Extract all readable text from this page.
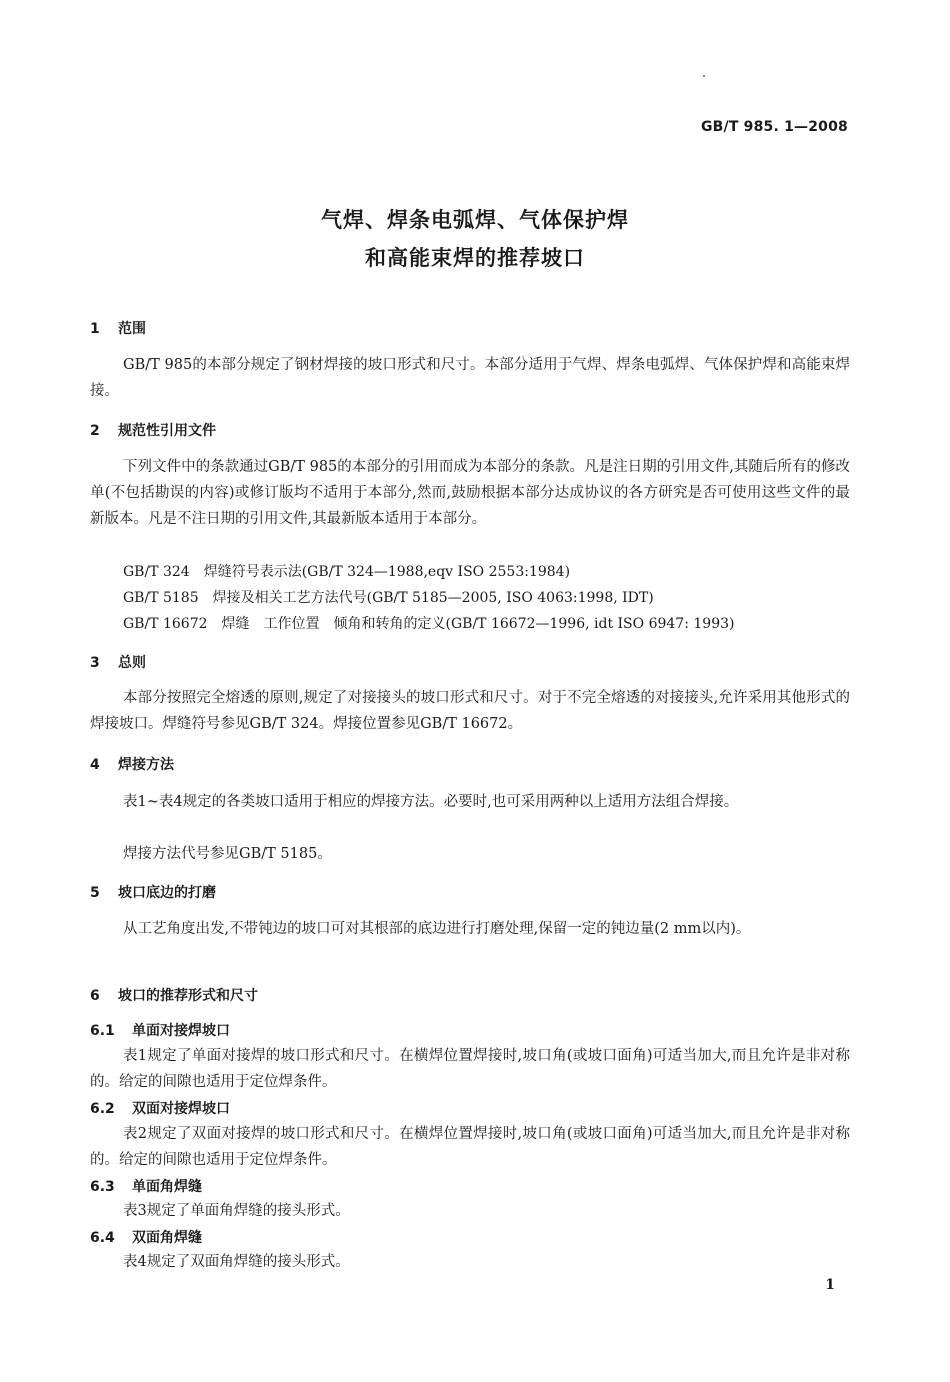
GB/T 985. 1—2008
气焊、焊条电弧焊、气体保护焊
和高能束焊的推荐坡口
1 范围
GB/T 985的本部分规定了钢材焊接的坡口形式和尺寸。本部分适用于气焊、焊条电弧焊、气体保护焊和高能束焊接。
2 规范性引用文件
下列文件中的条款通过GB/T 985的本部分的引用而成为本部分的条款。凡是注日期的引用文件,其随后所有的修改单(不包括勘误的内容)或修订版均不适用于本部分,然而,鼓励根据本部分达成协议的各方研究是否可使用这些文件的最新版本。凡是不注日期的引用文件,其最新版本适用于本部分。
GB/T 324　焊缝符号表示法(GB/T 324—1988,eqv ISO 2553:1984)
GB/T 5185　焊接及相关工艺方法代号(GB/T 5185—2005, ISO 4063:1998, IDT)
GB/T 16672　焊缝　工作位置　倾角和转角的定义(GB/T 16672—1996, idt ISO 6947: 1993)
3 总则
本部分按照完全熔透的原则,规定了对接接头的坡口形式和尺寸。对于不完全熔透的对接接头,允许采用其他形式的焊接坡口。焊缝符号参见GB/T 324。焊接位置参见GB/T 16672。
4 焊接方法
表1~表4规定的各类坡口适用于相应的焊接方法。必要时,也可采用两种以上适用方法组合焊接。
焊接方法代号参见GB/T 5185。
5 坡口底边的打磨
从工艺角度出发,不带钝边的坡口可对其根部的底边进行打磨处理,保留一定的钝边量(2 mm以内)。
6 坡口的推荐形式和尺寸
6.1 单面对接焊坡口
表1规定了单面对接焊的坡口形式和尺寸。在横焊位置焊接时,坡口角(或坡口面角)可适当加大,而且允许是非对称的。给定的间隙也适用于定位焊条件。
6.2 双面对接焊坡口
表2规定了双面对接焊的坡口形式和尺寸。在横焊位置焊接时,坡口角(或坡口面角)可适当加大,而且允许是非对称的。给定的间隙也适用于定位焊条件。
6.3 单面角焊缝
表3规定了单面角焊缝的接头形式。
6.4 双面角焊缝
表4规定了双面角焊缝的接头形式。
1
